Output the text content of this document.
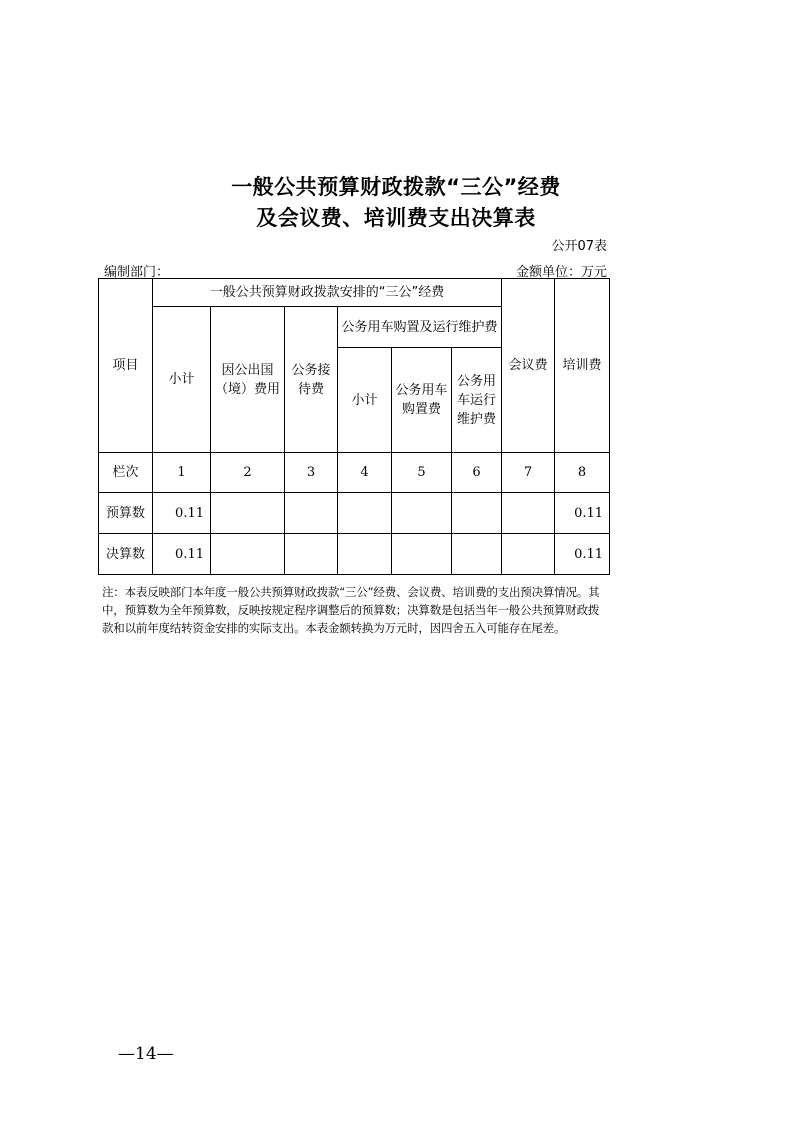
一般公共预算财政拨款“三公”经费
及会议费、培训费支出决算表
公开07表
编制部门：	金额单位：万元
项目	一般公共预算财政拨款安排的“三公”经费						会议费	培训费
	小计	因公出国（境）费用	公务接待费	公务用车购置及运行维护费				
				小计	公务用车购置费	公务用车运行维护费		

栏次	1	2	3	4	5	6	7	8
预算数	0.11							0.11
决算数	0.11							0.11
注：本表反映部门本年度一般公共预算财政拨款“三公”经费、会议费、培训费的支出预决算情况。其中，预算数为全年预算数，反映按规定程序调整后的预算数；决算数是包括当年一般公共预算财政拨款和以前年度结转资金安排的实际支出。本表金额转换为万元时，因四舍五入可能存在尾差。
—14—
